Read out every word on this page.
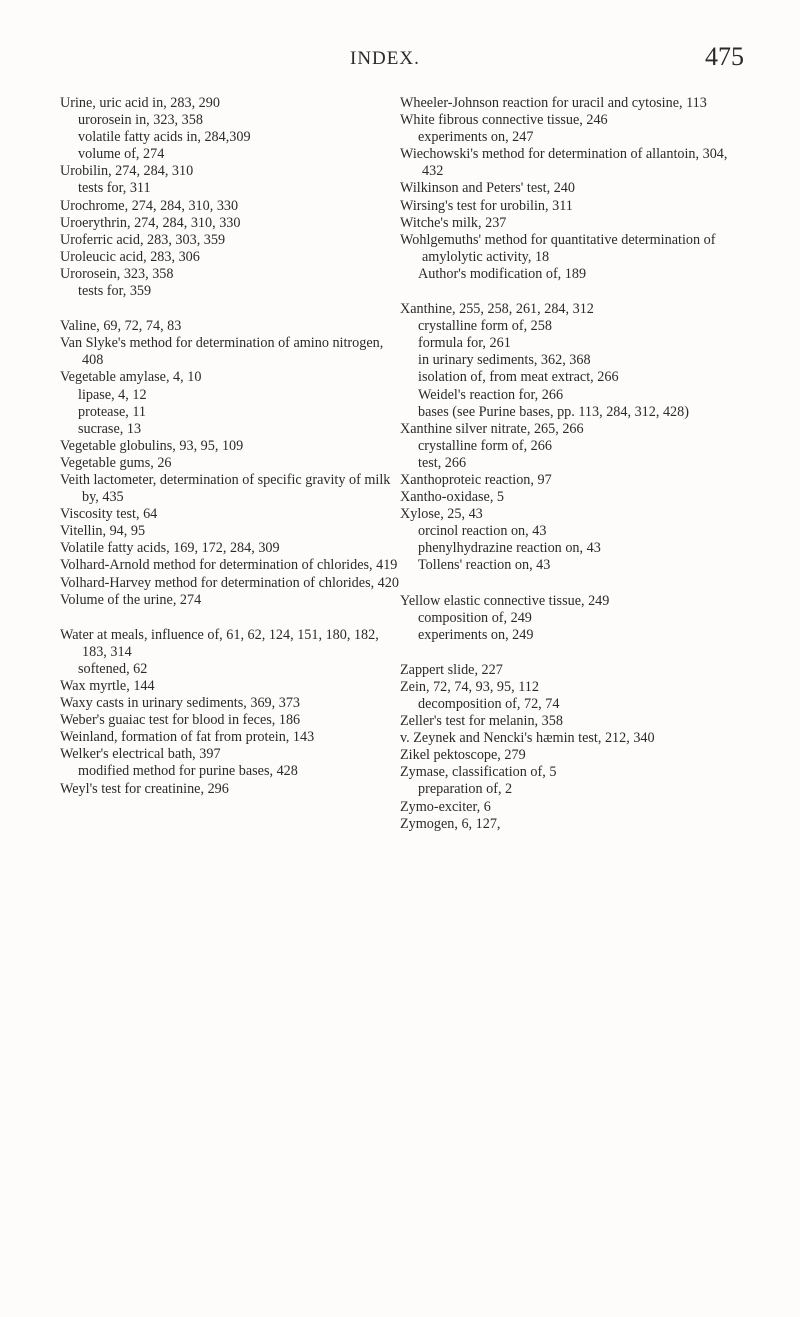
INDEX.	475
Urine, uric acid in, 283, 290
urorosein in, 323, 358
volatile fatty acids in, 284,309
volume of, 274
Urobilin, 274, 284, 310
tests for, 311
Urochrome, 274, 284, 310, 330
Uroerythrin, 274, 284, 310, 330
Uroferric acid, 283, 303, 359
Uroleucic acid, 283, 306
Urorosein, 323, 358
tests for, 359
Valine, 69, 72, 74, 83
Van Slyke's method for determination of amino nitrogen, 408
Vegetable amylase, 4, 10
lipase, 4, 12
protease, 11
sucrase, 13
Vegetable globulins, 93, 95, 109
Vegetable gums, 26
Veith lactometer, determination of specific gravity of milk by, 435
Viscosity test, 64
Vitellin, 94, 95
Volatile fatty acids, 169, 172, 284, 309
Volhard-Arnold method for determination of chlorides, 419
Volhard-Harvey method for determination of chlorides, 420
Volume of the urine, 274
Water at meals, influence of, 61, 62, 124, 151, 180, 182, 183, 314
softened, 62
Wax myrtle, 144
Waxy casts in urinary sediments, 369, 373
Weber's guaiac test for blood in feces, 186
Weinland, formation of fat from protein, 143
Welker's electrical bath, 397
modified method for purine bases, 428
Weyl's test for creatinine, 296
Wheeler-Johnson reaction for uracil and cytosine, 113
White fibrous connective tissue, 246
experiments on, 247
Wiechowski's method for determination of allantoin, 304, 432
Wilkinson and Peters' test, 240
Wirsing's test for urobilin, 311
Witche's milk, 237
Wohlgemuths' method for quantitative determination of amylolytic activity, 18
Author's modification of, 189
Xanthine, 255, 258, 261, 284, 312
crystalline form of, 258
formula for, 261
in urinary sediments, 362, 368
isolation of, from meat extract, 266
Weidel's reaction for, 266
bases (see Purine bases, pp. 113, 284, 312, 428)
Xanthine silver nitrate, 265, 266
crystalline form of, 266
test, 266
Xanthoproteic reaction, 97
Xantho-oxidase, 5
Xylose, 25, 43
orcinol reaction on, 43
phenylhydrazine reaction on, 43
Tollens' reaction on, 43
Yellow elastic connective tissue, 249
composition of, 249
experiments on, 249
Zappert slide, 227
Zein, 72, 74, 93, 95, 112
decomposition of, 72, 74
Zeller's test for melanin, 358
v. Zeynek and Nencki's hæmin test, 212, 340
Zikel pektoscope, 279
Zymase, classification of, 5
preparation of, 2
Zymo-exciter, 6
Zymogen, 6, 127,
